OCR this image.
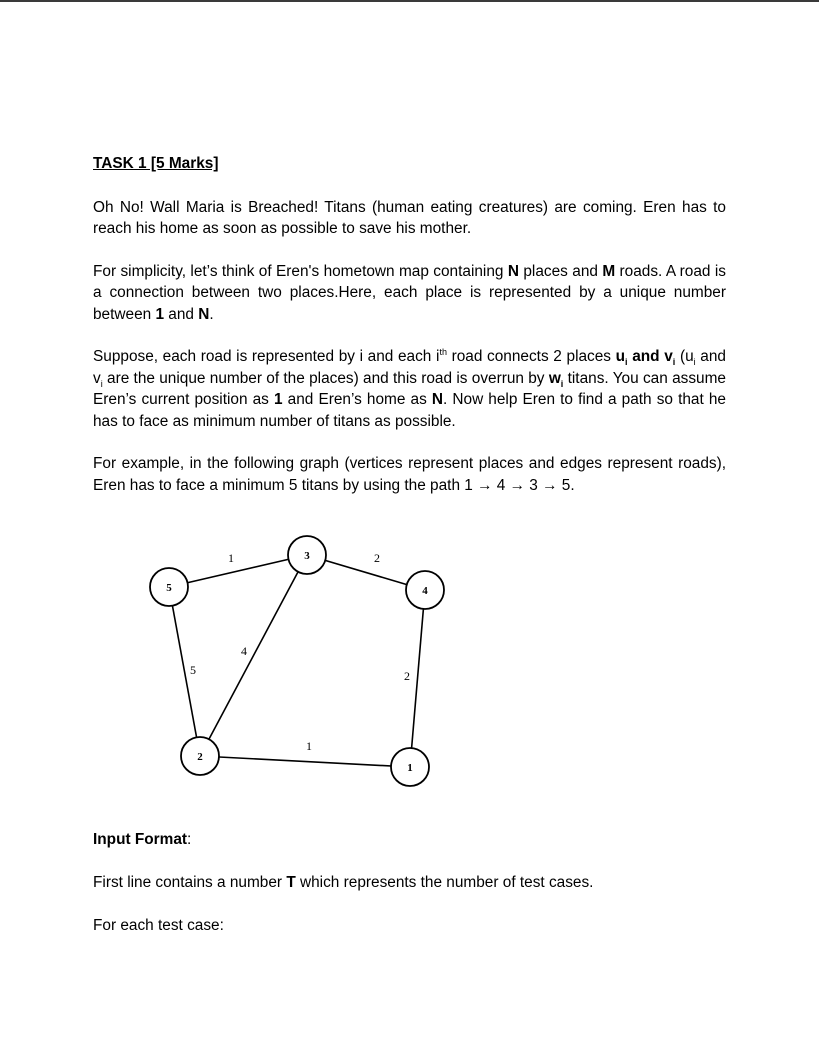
TASK 1 [5 Marks]

Oh No! Wall Maria is Breached! Titans (human eating creatures) are coming. Eren has to reach his home as soon as possible to save his mother.

For simplicity, let’s think of Eren's hometown map containing N places and M roads. A road is a connection between two places.Here, each place is represented by a unique number between 1 and N.

Suppose, each road is represented by i and each $i^{th}$ road connects 2 places $u_i$ and $v_i$ ($u_i$ and $v_i$ are the unique number of the places) and this road is overrun by $w_i$ titans. You can assume Eren’s current position as 1 and Eren’s home as N. Now help Eren to find a path so that he has to face as minimum number of titans as possible.

For example, in the following graph (vertices represent places and edges represent roads), Eren has to face a minimum 5 titans by using the path 1 → 4 → 3 → 5.

1	2
5
4
2
1
5
3
4
2
1
Input Format:
First line contains a number T which represents the number of test cases.
For each test case:
